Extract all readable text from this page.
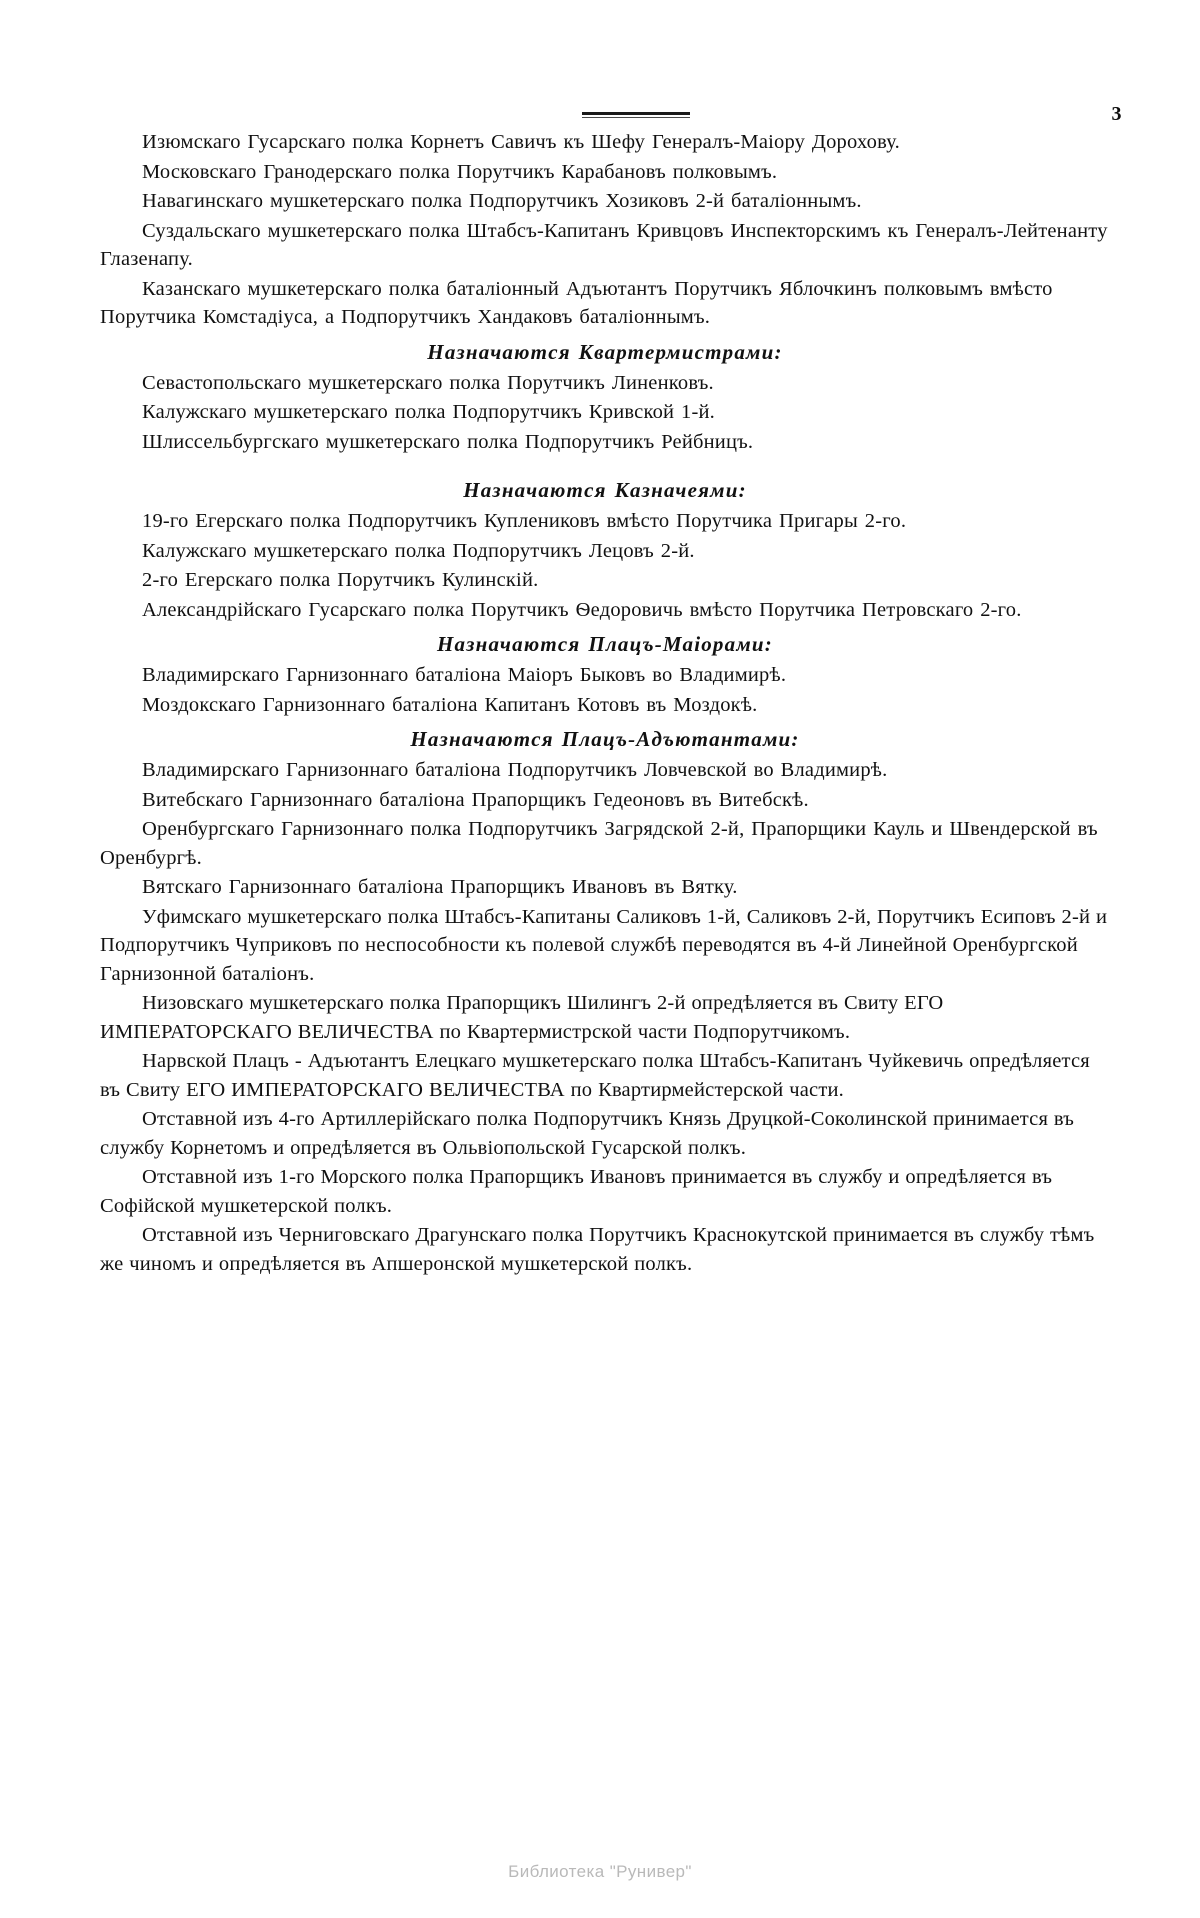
3

Изюмскаго Гусарскаго полка Корнетъ Савичъ къ Шефу Генералъ-Маіору Дорохову.

Московскаго Гранодерскаго полка Порутчикъ Карабановъ полковымъ.

Навагинскаго мушкетерскаго полка Подпорутчикъ Хозиковъ 2-й баталіоннымъ.

Суздальскаго мушкетерскаго полка Штабсъ-Капитанъ Кривцовъ Инспекторскимъ къ Генералъ-Лейтенанту Глазенапу.

Казанскаго мушкетерскаго полка баталіонный Адъютантъ Порутчикъ Яблочкинъ полковымъ вмѣсто Порутчика Комстадіуса, а Подпорутчикъ Хандаковъ баталіоннымъ.

Назначаются Квартермистрами:

Севастопольскаго мушкетерскаго полка Порутчикъ Линенковъ.

Калужскаго мушкетерскаго полка Подпорутчикъ Кривской 1-й.

Шлиссельбургскаго мушкетерскаго полка Подпорутчикъ Рейбницъ.

Назначаются Казначеями:

19-го Егерскаго полка Подпорутчикъ Куплениковъ вмѣсто Порутчика Пригары 2-го.

Калужскаго мушкетерскаго полка Подпорутчикъ Лецовъ 2-й.

2-го Егерскаго полка Порутчикъ Кулинскій.

Александрійскаго Гусарскаго полка Порутчикъ Ѳедоровичь вмѣсто Порутчика Петровскаго 2-го.

Назначаются Плацъ-Маіорами:

Владимирскаго Гарнизоннаго баталіона Маіоръ Быковъ во Владимирѣ.

Моздокскаго Гарнизоннаго баталіона Капитанъ Котовъ въ Моздокѣ.

Назначаются Плацъ-Адъютантами:

Владимирскаго Гарнизоннаго баталіона Подпорутчикъ Ловчевской во Владимирѣ.

Витебскаго Гарнизоннаго баталіона Прапорщикъ Гедеоновъ въ Витебскѣ.

Оренбургскаго Гарнизоннаго полка Подпорутчикъ Загрядской 2-й, Прапорщики Кауль и Швендерской въ Оренбургѣ.

Вятскаго Гарнизоннаго баталіона Прапорщикъ Ивановъ въ Вятку.

Уфимскаго мушкетерскаго полка Штабсъ-Капитаны Саликовъ 1-й, Саликовъ 2-й, Порутчикъ Есиповъ 2-й и Подпорутчикъ Чуприковъ по неспособности къ полевой службѣ переводятся въ 4-й Линейной Оренбургской Гарнизонной баталіонъ.

Низовскаго мушкетерскаго полка Прапорщикъ Шилингъ 2-й опредѣляется въ Свиту ЕГО ИМПЕРАТОРСКАГО ВЕЛИЧЕСТВА по Квартермистрской части Подпорутчикомъ.

Нарвской Плацъ - Адъютантъ Елецкаго мушкетерскаго полка Штабсъ-Капитанъ Чуйкевичь опредѣляется въ Свиту ЕГО ИМПЕРАТОРСКАГО ВЕЛИЧЕСТВА по Квартирмейстерской части.

Отставной изъ 4-го Артиллерійскаго полка Подпорутчикъ Князь Друцкой-Соколинской принимается въ службу Корнетомъ и опредѣляется въ Ольвіопольской Гусарской полкъ.

Отставной изъ 1-го Морского полка Прапорщикъ Ивановъ принимается въ службу и опредѣляется въ Софійской мушкетерской полкъ.

Отставной изъ Черниговскаго Драгунскаго полка Порутчикъ Краснокутской принимается въ службу тѣмъ же чиномъ и опредѣляется въ Апшеронской мушкетерской полкъ.

Библиотека "Рунивер"
